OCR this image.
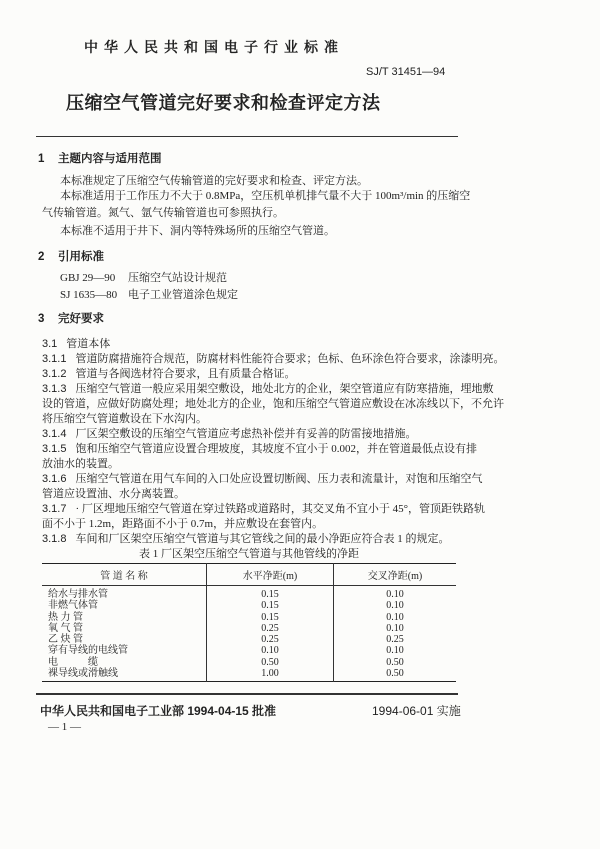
中华人民共和国电子行业标准
SJ/T 31451—94
压缩空气管道完好要求和检查评定方法
1 主题内容与适用范围
本标准规定了压缩空气传输管道的完好要求和检查、评定方法。
本标准适用于工作压力不大于 0.8MPa，空压机单机排气量不大于 100m³/min 的压缩空
气传输管道。氮气、氩气传输管道也可参照执行。
本标准不适用于井下、洞内等特殊场所的压缩空气管道。
2 引用标准
GBJ 29—90 压缩空气站设计规范
SJ 1635—80 电子工业管道涂色规定
3 完好要求
3.1 管道本体
3.1.1 管道防腐措施符合规范，防腐材料性能符合要求；色标、色环涂色符合要求，涂漆明亮。
3.1.2 管道与各阀选材符合要求，且有质量合格证。
3.1.3 压缩空气管道一般应采用架空敷设，地处北方的企业，架空管道应有防寒措施，埋地敷
设的管道，应做好防腐处理；地处北方的企业，饱和压缩空气管道应敷设在冰冻线以下，不允许
将压缩空气管道敷设在下水沟内。
3.1.4 厂区架空敷设的压缩空气管道应考虑热补偿并有妥善的防雷接地措施。
3.1.5 饱和压缩空气管道应设置合理坡度，其坡度不宜小于 0.002，并在管道最低点设有排
放油水的装置。
3.1.6 压缩空气管道在用气车间的入口处应设置切断阀、压力表和流量计，对饱和压缩空气
管道应设置油、水分离装置。
3.1.7 · 厂区埋地压缩空气管道在穿过铁路或道路时，其交叉角不宜小于 45°，管顶距铁路轨
面不小于 1.2m，距路面不小于 0.7m，并应敷设在套管内。
3.1.8 车间和厂区架空压缩空气管道与其它管线之间的最小净距应符合表 1 的规定。
表 1 厂区架空压缩空气管道与其他管线的净距
管 道 名 称	水平净距(m)	交叉净距(m)
给水与排水管	0.15	0.10
非燃气体管	0.15	0.10
热 力 管	0.15	0.10
氧 气 管	0.25	0.10
乙 炔 管	0.25	0.25
穿有导线的电线管	0.10	0.10
电　　　缆	0.50	0.50
裸导线或滑触线	1.00	0.50
中华人民共和国电子工业部 1994-04-15 批准	1994-06-01 实施
— 1 —
